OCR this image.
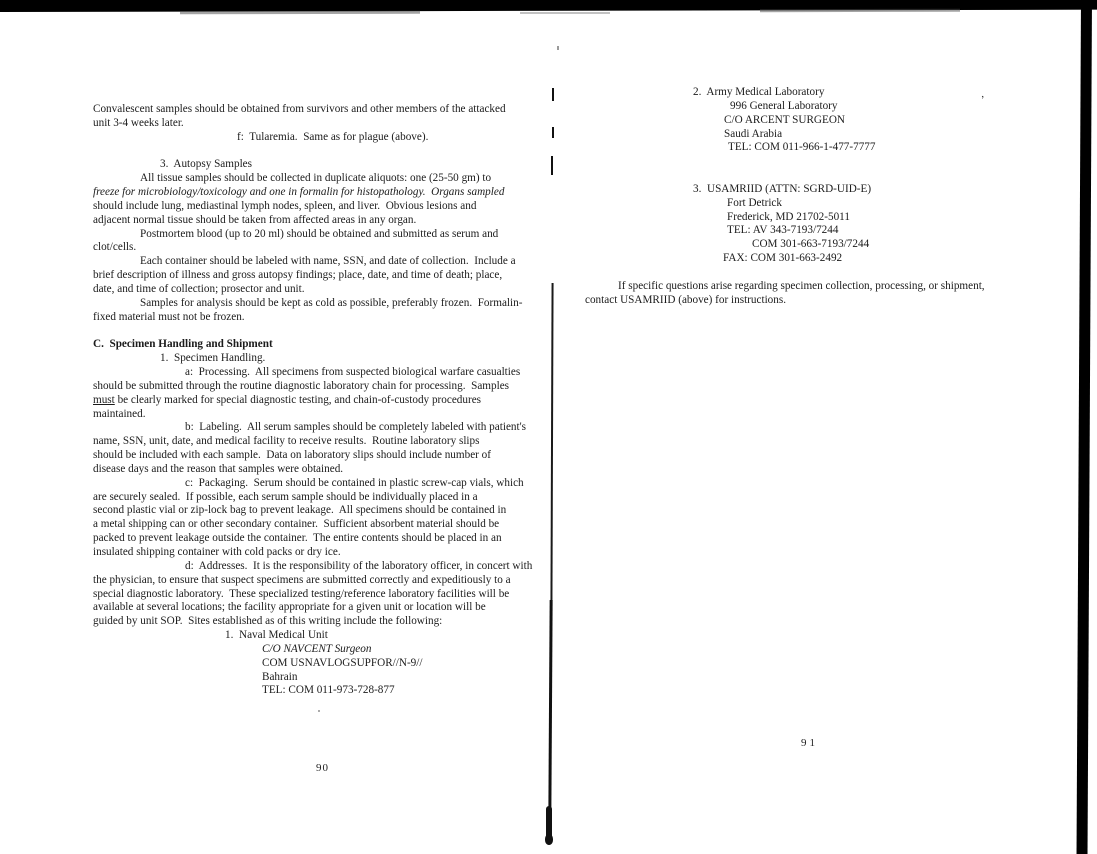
Convalescent samples should be obtained from survivors and other members of the attacked
unit 3-4 weeks later.
f:  Tularemia.  Same as for plague (above).
3.  Autopsy Samples
All tissue samples should be collected in duplicate aliquots: one (25-50 gm) to
freeze for microbiology/toxicology and one in formalin for histopathology.  Organs sampled
should include lung, mediastinal lymph nodes, spleen, and liver.  Obvious lesions and
adjacent normal tissue should be taken from affected areas in any organ.
Postmortem blood (up to 20 ml) should be obtained and submitted as serum and
clot/cells.
Each container should be labeled with name, SSN, and date of collection.  Include a
brief description of illness and gross autopsy findings; place, date, and time of death; place,
date, and time of collection; prosector and unit.
Samples for analysis should be kept as cold as possible, preferably frozen.  Formalin-
fixed material must not be frozen.
C.  Specimen Handling and Shipment
1.  Specimen Handling.
a:  Processing.  All specimens from suspected biological warfare casualties
should be submitted through the routine diagnostic laboratory chain for processing.  Samples
must be clearly marked for special diagnostic testing, and chain-of-custody procedures
maintained.
b:  Labeling.  All serum samples should be completely labeled with patient's
name, SSN, unit, date, and medical facility to receive results.  Routine laboratory slips
should be included with each sample.  Data on laboratory slips should include number of
disease days and the reason that samples were obtained.
c:  Packaging.  Serum should be contained in plastic screw-cap vials, which
are securely sealed.  If possible, each serum sample should be individually placed in a
second plastic vial or zip-lock bag to prevent leakage.  All specimens should be contained in
a metal shipping can or other secondary container.  Sufficient absorbent material should be
packed to prevent leakage outside the container.  The entire contents should be placed in an
insulated shipping container with cold packs or dry ice.
d:  Addresses.  It is the responsibility of the laboratory officer, in concert with
the physician, to ensure that suspect specimens are submitted correctly and expeditiously to a
special diagnostic laboratory.  These specialized testing/reference laboratory facilities will be
available at several locations; the facility appropriate for a given unit or location will be
guided by unit SOP.  Sites established as of this writing include the following:
1.  Naval Medical Unit
C/O NAVCENT Surgeon
COM USNAVLOGSUPFOR//N-9//
Bahrain
TEL: COM 011-973-728-877
90
2.  Army Medical Laboratory
996 General Laboratory
C/O ARCENT SURGEON
Saudi Arabia
TEL: COM 011-966-1-477-7777
3.  USAMRIID (ATTN: SGRD-UID-E)
Fort Detrick
Frederick, MD 21702-5011
TEL: AV 343-7193/7244
COM 301-663-7193/7244
FAX: COM 301-663-2492
If specific questions arise regarding specimen collection, processing, or shipment,
contact USAMRIID (above) for instructions.
91
,
